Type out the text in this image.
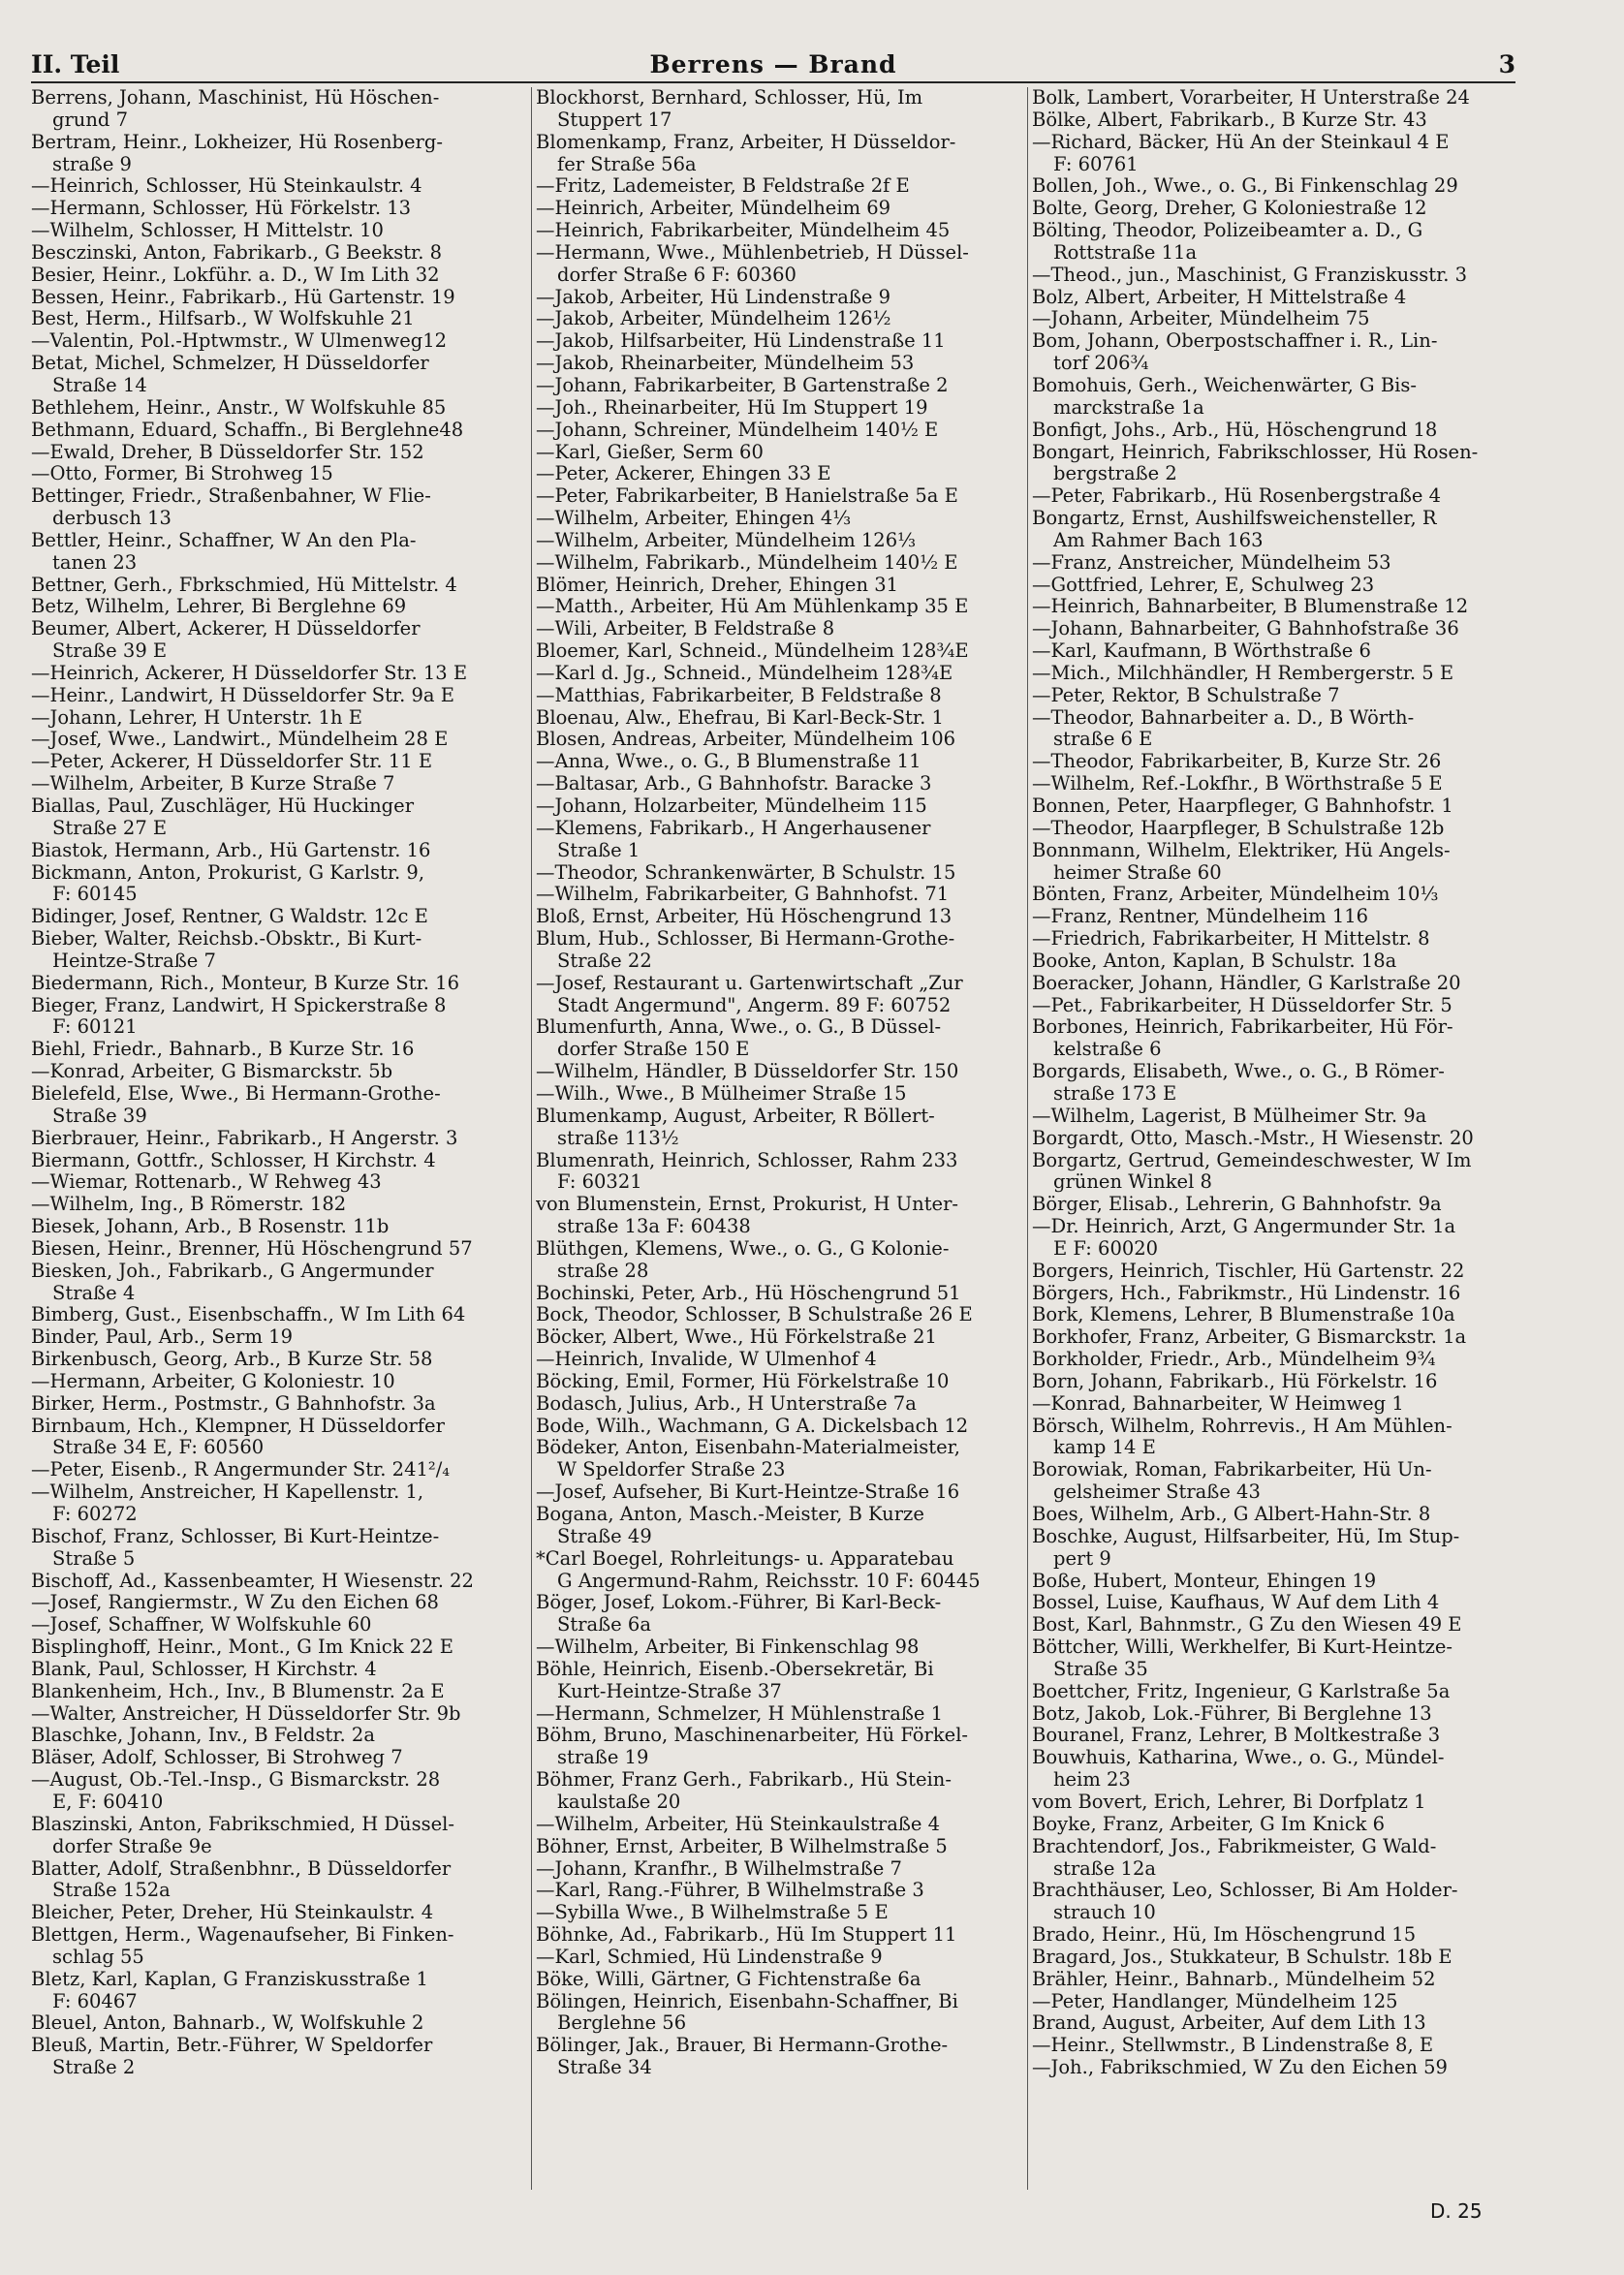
II. Teil	Berrens — Brand	3
Berrens, Johann, Maschinist, Hü Höschen-
grund 7
Bertram, Heinr., Lokheizer, Hü Rosenberg-
straße 9
—Heinrich, Schlosser, Hü Steinkaulstr. 4
—Hermann, Schlosser, Hü Förkelstr. 13
—Wilhelm, Schlosser, H Mittelstr. 10
Besczinski, Anton, Fabrikarb., G Beekstr. 8
Besier, Heinr., Lokführ. a. D., W Im Lith 32
Bessen, Heinr., Fabrikarb., Hü Gartenstr. 19
Best, Herm., Hilfsarb., W Wolfskuhle 21
—Valentin, Pol.-Hptwmstr., W Ulmenweg12
Betat, Michel, Schmelzer, H Düsseldorfer
Straße 14
Bethlehem, Heinr., Anstr., W Wolfskuhle 85
Bethmann, Eduard, Schaffn., Bi Berglehne48
—Ewald, Dreher, B Düsseldorfer Str. 152
—Otto, Former, Bi Strohweg 15
Bettinger, Friedr., Straßenbahner, W Flie-
derbusch 13
Bettler, Heinr., Schaffner, W An den Pla-
tanen 23
Bettner, Gerh., Fbrkschmied, Hü Mittelstr. 4
Betz, Wilhelm, Lehrer, Bi Berglehne 69
Beumer, Albert, Ackerer, H Düsseldorfer
Straße 39 E
—Heinrich, Ackerer, H Düsseldorfer Str. 13 E
—Heinr., Landwirt, H Düsseldorfer Str. 9a E
—Johann, Lehrer, H Unterstr. 1h E
—Josef, Wwe., Landwirt., Mündelheim 28 E
—Peter, Ackerer, H Düsseldorfer Str. 11 E
—Wilhelm, Arbeiter, B Kurze Straße 7
Biallas, Paul, Zuschläger, Hü Huckinger
Straße 27 E
Biastok, Hermann, Arb., Hü Gartenstr. 16
Bickmann, Anton, Prokurist, G Karlstr. 9,
F: 60145
Bidinger, Josef, Rentner, G Waldstr. 12c E
Bieber, Walter, Reichsb.-Obsktr., Bi Kurt-
Heintze-Straße 7
Biedermann, Rich., Monteur, B Kurze Str. 16
Bieger, Franz, Landwirt, H Spickerstraße 8
F: 60121
Biehl, Friedr., Bahnarb., B Kurze Str. 16
—Konrad, Arbeiter, G Bismarckstr. 5b
Bielefeld, Else, Wwe., Bi Hermann-Grothe-
Straße 39
Bierbrauer, Heinr., Fabrikarb., H Angerstr. 3
Biermann, Gottfr., Schlosser, H Kirchstr. 4
—Wiemar, Rottenarb., W Rehweg 43
—Wilhelm, Ing., B Römerstr. 182
Biesek, Johann, Arb., B Rosenstr. 11b
Biesen, Heinr., Brenner, Hü Höschengrund 57
Biesken, Joh., Fabrikarb., G Angermunder
Straße 4
Bimberg, Gust., Eisenbschaffn., W Im Lith 64
Binder, Paul, Arb., Serm 19
Birkenbusch, Georg, Arb., B Kurze Str. 58
—Hermann, Arbeiter, G Koloniestr. 10
Birker, Herm., Postmstr., G Bahnhofstr. 3a
Birnbaum, Hch., Klempner, H Düsseldorfer
Straße 34 E, F: 60560
—Peter, Eisenb., R Angermunder Str. 241²/₄
—Wilhelm, Anstreicher, H Kapellenstr. 1,
F: 60272
Bischof, Franz, Schlosser, Bi Kurt-Heintze-
Straße 5
Bischoff, Ad., Kassenbeamter, H Wiesenstr. 22
—Josef, Rangiermstr., W Zu den Eichen 68
—Josef, Schaffner, W Wolfskuhle 60
Bisplinghoff, Heinr., Mont., G Im Knick 22 E
Blank, Paul, Schlosser, H Kirchstr. 4
Blankenheim, Hch., Inv., B Blumenstr. 2a E
—Walter, Anstreicher, H Düsseldorfer Str. 9b
Blaschke, Johann, Inv., B Feldstr. 2a
Bläser, Adolf, Schlosser, Bi Strohweg 7
—August, Ob.-Tel.-Insp., G Bismarckstr. 28
E, F: 60410
Blaszinski, Anton, Fabrikschmied, H Düssel-
dorfer Straße 9e
Blatter, Adolf, Straßenbhnr., B Düsseldorfer
Straße 152a
Bleicher, Peter, Dreher, Hü Steinkaulstr. 4
Blettgen, Herm., Wagenaufseher, Bi Finken-
schlag 55
Bletz, Karl, Kaplan, G Franziskusstraße 1
F: 60467
Bleuel, Anton, Bahnarb., W, Wolfskuhle 2
Bleuß, Martin, Betr.-Führer, W Speldorfer
Straße 2
Blockhorst, Bernhard, Schlosser, Hü, Im
Stuppert 17
Blomenkamp, Franz, Arbeiter, H Düsseldor-
fer Straße 56a
—Fritz, Lademeister, B Feldstraße 2f E
—Heinrich, Arbeiter, Mündelheim 69
—Heinrich, Fabrikarbeiter, Mündelheim 45
—Hermann, Wwe., Mühlenbetrieb, H Düssel-
dorfer Straße 6 F: 60360
—Jakob, Arbeiter, Hü Lindenstraße 9
—Jakob, Arbeiter, Mündelheim 126½
—Jakob, Hilfsarbeiter, Hü Lindenstraße 11
—Jakob, Rheinarbeiter, Mündelheim 53
—Johann, Fabrikarbeiter, B Gartenstraße 2
—Joh., Rheinarbeiter, Hü Im Stuppert 19
—Johann, Schreiner, Mündelheim 140½ E
—Karl, Gießer, Serm 60
—Peter, Ackerer, Ehingen 33 E
—Peter, Fabrikarbeiter, B Hanielstraße 5a E
—Wilhelm, Arbeiter, Ehingen 4⅓
—Wilhelm, Arbeiter, Mündelheim 126⅓
—Wilhelm, Fabrikarb., Mündelheim 140½ E
Blömer, Heinrich, Dreher, Ehingen 31
—Matth., Arbeiter, Hü Am Mühlenkamp 35 E
—Wili, Arbeiter, B Feldstraße 8
Bloemer, Karl, Schneid., Mündelheim 128¾E
—Karl d. Jg., Schneid., Mündelheim 128¾E
—Matthias, Fabrikarbeiter, B Feldstraße 8
Bloenau, Alw., Ehefrau, Bi Karl-Beck-Str. 1
Blosen, Andreas, Arbeiter, Mündelheim 106
—Anna, Wwe., o. G., B Blumenstraße 11
—Baltasar, Arb., G Bahnhofstr. Baracke 3
—Johann, Holzarbeiter, Mündelheim 115
—Klemens, Fabrikarb., H Angerhausener
Straße 1
—Theodor, Schrankenwärter, B Schulstr. 15
—Wilhelm, Fabrikarbeiter, G Bahnhofst. 71
Bloß, Ernst, Arbeiter, Hü Höschengrund 13
Blum, Hub., Schlosser, Bi Hermann-Grothe-
Straße 22
—Josef, Restaurant u. Gartenwirtschaft „Zur
Stadt Angermund", Angerm. 89 F: 60752
Blumenfurth, Anna, Wwe., o. G., B Düssel-
dorfer Straße 150 E
—Wilhelm, Händler, B Düsseldorfer Str. 150
—Wilh., Wwe., B Mülheimer Straße 15
Blumenkamp, August, Arbeiter, R Böllert-
straße 113½
Blumenrath, Heinrich, Schlosser, Rahm 233
F: 60321
von Blumenstein, Ernst, Prokurist, H Unter-
straße 13a F: 60438
Blüthgen, Klemens, Wwe., o. G., G Kolonie-
straße 28
Bochinski, Peter, Arb., Hü Höschengrund 51
Bock, Theodor, Schlosser, B Schulstraße 26 E
Böcker, Albert, Wwe., Hü Förkelstraße 21
—Heinrich, Invalide, W Ulmenhof 4
Böcking, Emil, Former, Hü Förkelstraße 10
Bodasch, Julius, Arb., H Unterstraße 7a
Bode, Wilh., Wachmann, G A. Dickelsbach 12
Bödeker, Anton, Eisenbahn-Materialmeister,
W Speldorfer Straße 23
—Josef, Aufseher, Bi Kurt-Heintze-Straße 16
Bogana, Anton, Masch.-Meister, B Kurze
Straße 49
*Carl Boegel, Rohrleitungs- u. Apparatebau
G Angermund-Rahm, Reichsstr. 10 F: 60445
Böger, Josef, Lokom.-Führer, Bi Karl-Beck-
Straße 6a
—Wilhelm, Arbeiter, Bi Finkenschlag 98
Böhle, Heinrich, Eisenb.-Obersekretär, Bi
Kurt-Heintze-Straße 37
—Hermann, Schmelzer, H Mühlenstraße 1
Böhm, Bruno, Maschinenarbeiter, Hü Förkel-
straße 19
Böhmer, Franz Gerh., Fabrikarb., Hü Stein-
kaulstaße 20
—Wilhelm, Arbeiter, Hü Steinkaulstraße 4
Böhner, Ernst, Arbeiter, B Wilhelmstraße 5
—Johann, Kranfhr., B Wilhelmstraße 7
—Karl, Rang.-Führer, B Wilhelmstraße 3
—Sybilla Wwe., B Wilhelmstraße 5 E
Böhnke, Ad., Fabrikarb., Hü Im Stuppert 11
—Karl, Schmied, Hü Lindenstraße 9
Böke, Willi, Gärtner, G Fichtenstraße 6a
Bölingen, Heinrich, Eisenbahn-Schaffner, Bi
Berglehne 56
Bölinger, Jak., Brauer, Bi Hermann-Grothe-
Straße 34
Bolk, Lambert, Vorarbeiter, H Unterstraße 24
Bölke, Albert, Fabrikarb., B Kurze Str. 43
—Richard, Bäcker, Hü An der Steinkaul 4 E
F: 60761
Bollen, Joh., Wwe., o. G., Bi Finkenschlag 29
Bolte, Georg, Dreher, G Koloniestraße 12
Bölting, Theodor, Polizeibeamter a. D., G
Rottstraße 11a
—Theod., jun., Maschinist, G Franziskusstr. 3
Bolz, Albert, Arbeiter, H Mittelstraße 4
—Johann, Arbeiter, Mündelheim 75
Bom, Johann, Oberpostschaffner i. R., Lin-
torf 206¾
Bomohuis, Gerh., Weichenwärter, G Bis-
marckstraße 1a
Bonfigt, Johs., Arb., Hü, Höschengrund 18
Bongart, Heinrich, Fabrikschlosser, Hü Rosen-
bergstraße 2
—Peter, Fabrikarb., Hü Rosenbergstraße 4
Bongartz, Ernst, Aushilfsweichensteller, R
Am Rahmer Bach 163
—Franz, Anstreicher, Mündelheim 53
—Gottfried, Lehrer, E, Schulweg 23
—Heinrich, Bahnarbeiter, B Blumenstraße 12
—Johann, Bahnarbeiter, G Bahnhofstraße 36
—Karl, Kaufmann, B Wörthstraße 6
—Mich., Milchhändler, H Rembergerstr. 5 E
—Peter, Rektor, B Schulstraße 7
—Theodor, Bahnarbeiter a. D., B Wörth-
straße 6 E
—Theodor, Fabrikarbeiter, B, Kurze Str. 26
—Wilhelm, Ref.-Lokfhr., B Wörthstraße 5 E
Bonnen, Peter, Haarpfleger, G Bahnhofstr. 1
—Theodor, Haarpfleger, B Schulstraße 12b
Bonnmann, Wilhelm, Elektriker, Hü Angels-
heimer Straße 60
Bönten, Franz, Arbeiter, Mündelheim 10⅓
—Franz, Rentner, Mündelheim 116
—Friedrich, Fabrikarbeiter, H Mittelstr. 8
Booke, Anton, Kaplan, B Schulstr. 18a
Boeracker, Johann, Händler, G Karlstraße 20
—Pet., Fabrikarbeiter, H Düsseldorfer Str. 5
Borbones, Heinrich, Fabrikarbeiter, Hü För-
kelstraße 6
Borgards, Elisabeth, Wwe., o. G., B Römer-
straße 173 E
—Wilhelm, Lagerist, B Mülheimer Str. 9a
Borgardt, Otto, Masch.-Mstr., H Wiesenstr. 20
Borgartz, Gertrud, Gemeindeschwester, W Im
grünen Winkel 8
Börger, Elisab., Lehrerin, G Bahnhofstr. 9a
—Dr. Heinrich, Arzt, G Angermunder Str. 1a
E F: 60020
Borgers, Heinrich, Tischler, Hü Gartenstr. 22
Börgers, Hch., Fabrikmstr., Hü Lindenstr. 16
Bork, Klemens, Lehrer, B Blumenstraße 10a
Borkhofer, Franz, Arbeiter, G Bismarckstr. 1a
Borkholder, Friedr., Arb., Mündelheim 9¾
Born, Johann, Fabrikarb., Hü Förkelstr. 16
—Konrad, Bahnarbeiter, W Heimweg 1
Börsch, Wilhelm, Rohrrevis., H Am Mühlen-
kamp 14 E
Borowiak, Roman, Fabrikarbeiter, Hü Un-
gelsheimer Straße 43
Boes, Wilhelm, Arb., G Albert-Hahn-Str. 8
Boschke, August, Hilfsarbeiter, Hü, Im Stup-
pert 9
Boße, Hubert, Monteur, Ehingen 19
Bossel, Luise, Kaufhaus, W Auf dem Lith 4
Bost, Karl, Bahnmstr., G Zu den Wiesen 49 E
Böttcher, Willi, Werkhelfer, Bi Kurt-Heintze-
Straße 35
Boettcher, Fritz, Ingenieur, G Karlstraße 5a
Botz, Jakob, Lok.-Führer, Bi Berglehne 13
Bouranel, Franz, Lehrer, B Moltkestraße 3
Bouwhuis, Katharina, Wwe., o. G., Mündel-
heim 23
vom Bovert, Erich, Lehrer, Bi Dorfplatz 1
Boyke, Franz, Arbeiter, G Im Knick 6
Brachtendorf, Jos., Fabrikmeister, G Wald-
straße 12a
Brachthäuser, Leo, Schlosser, Bi Am Holder-
strauch 10
Brado, Heinr., Hü, Im Höschengrund 15
Bragard, Jos., Stukkateur, B Schulstr. 18b E
Brähler, Heinr., Bahnarb., Mündelheim 52
—Peter, Handlanger, Mündelheim 125
Brand, August, Arbeiter, Auf dem Lith 13
—Heinr., Stellwmstr., B Lindenstraße 8, E
—Joh., Fabrikschmied, W Zu den Eichen 59
D. 25
